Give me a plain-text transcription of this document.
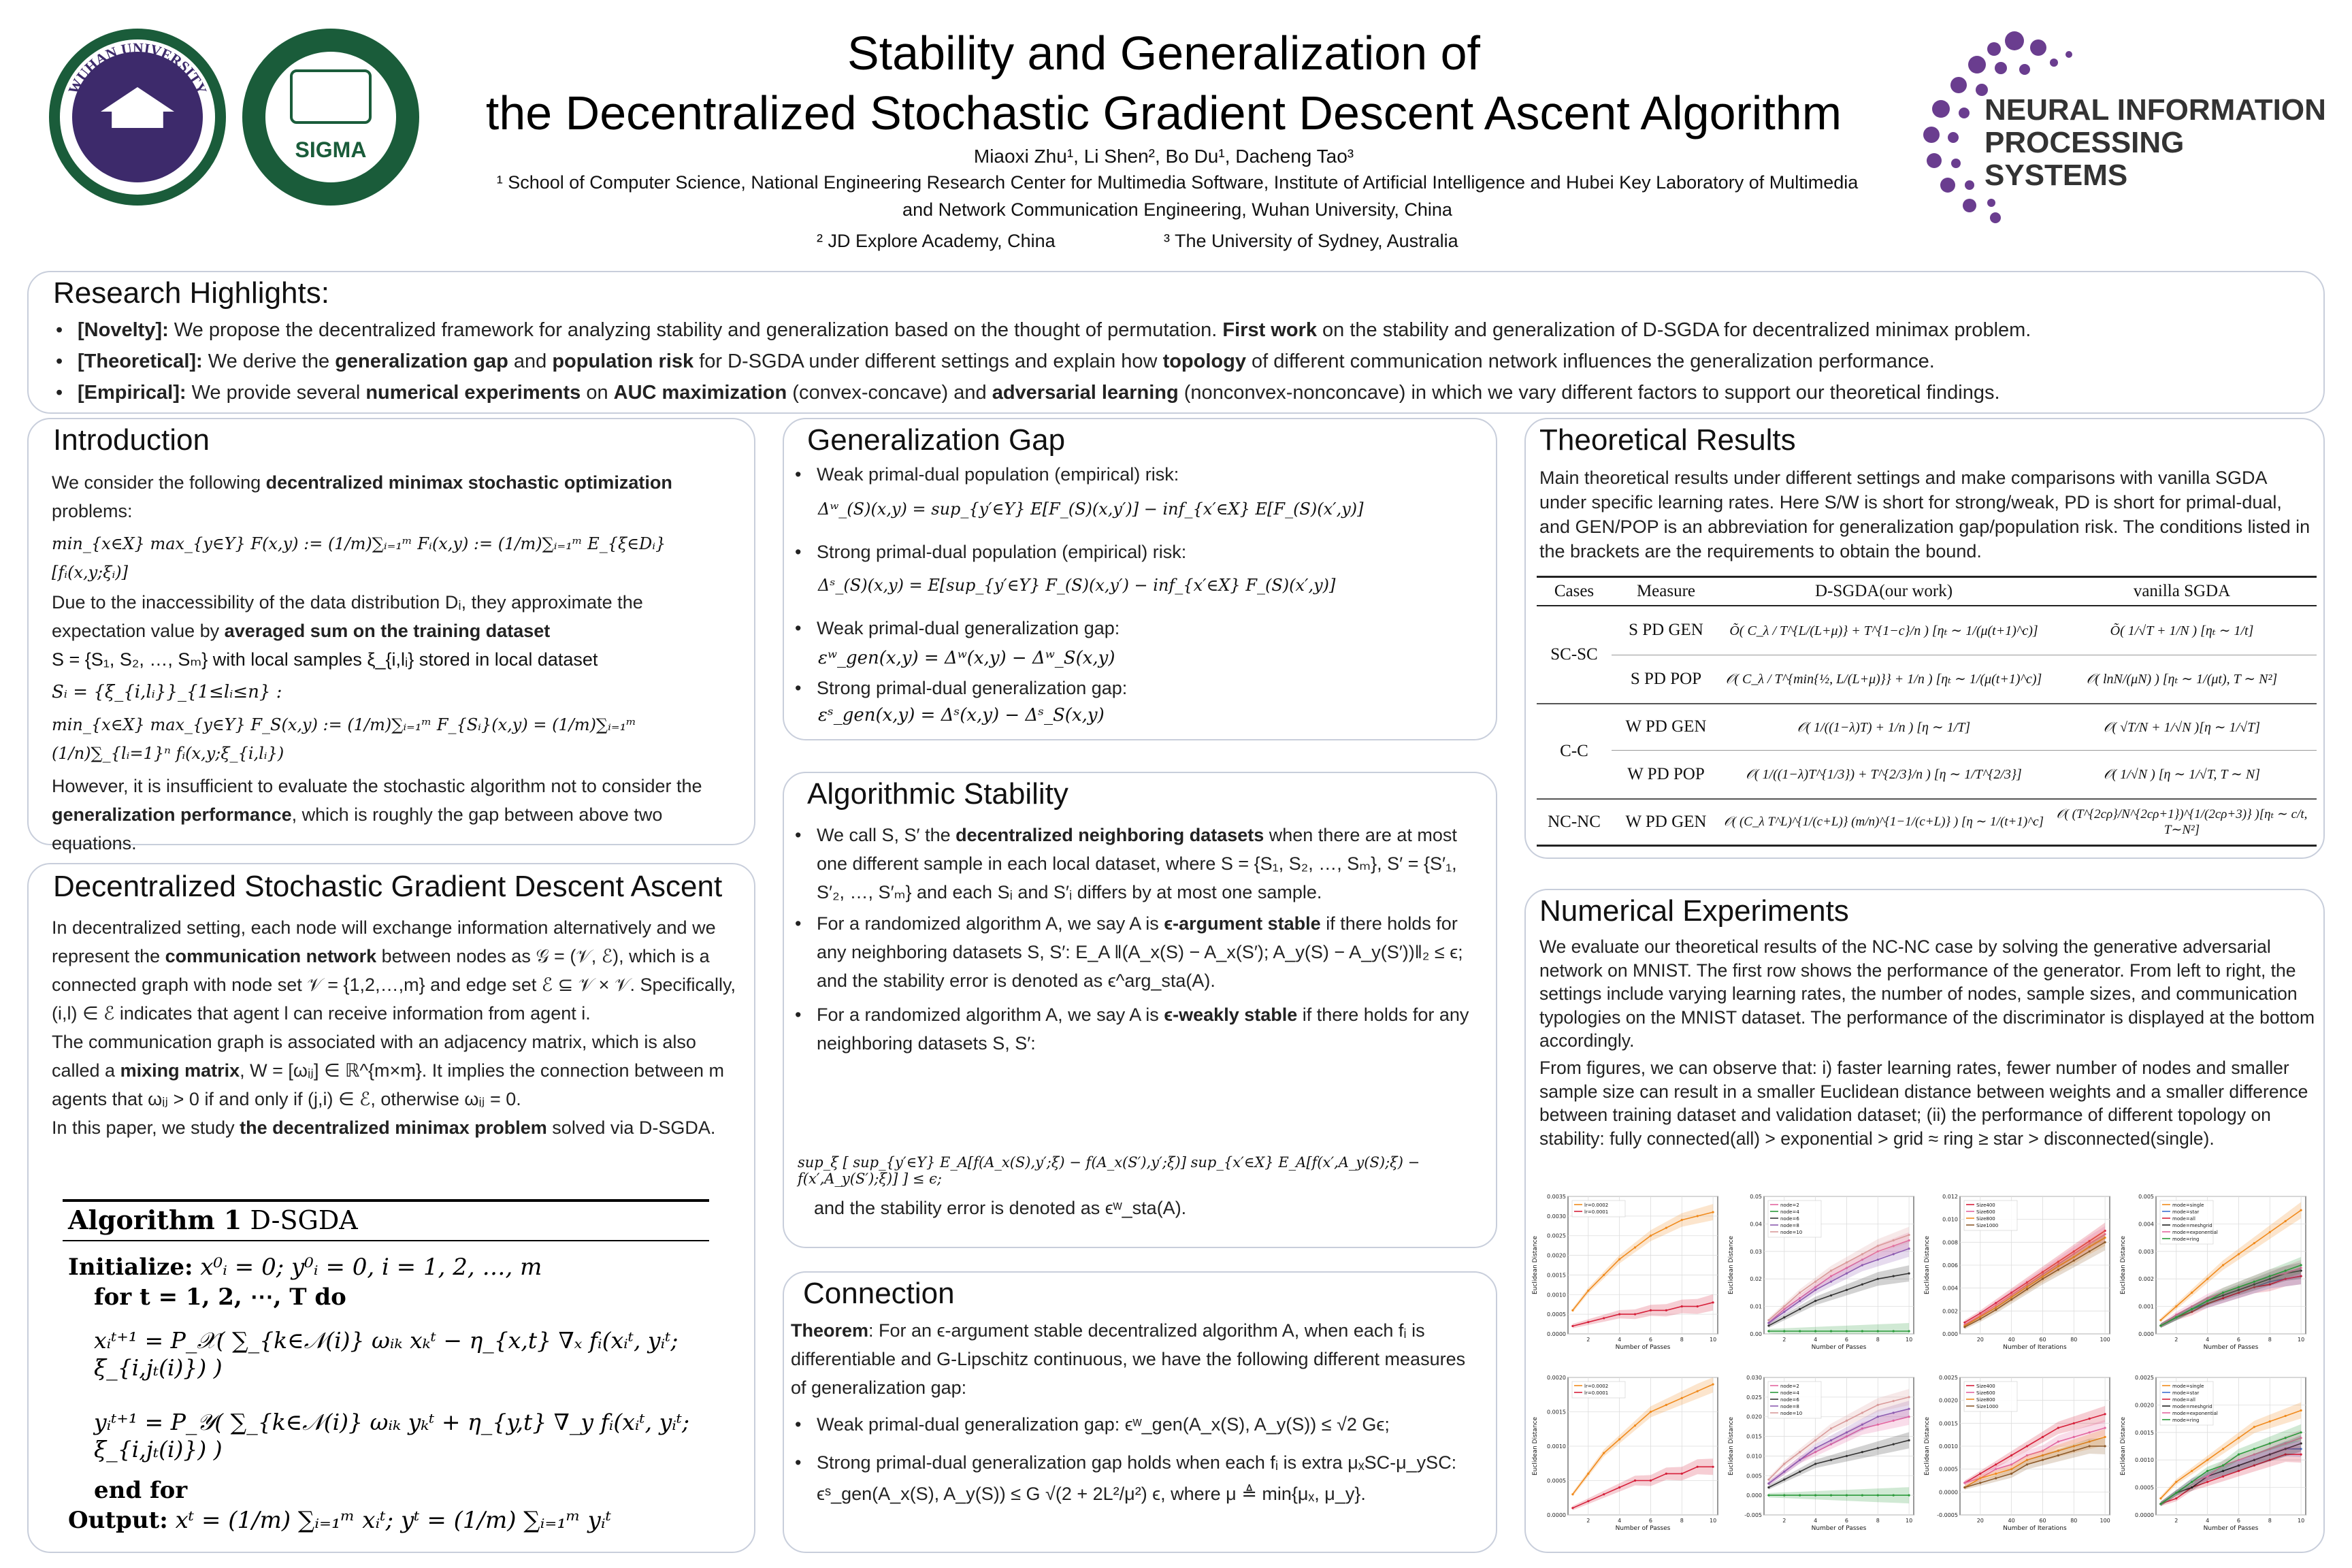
WUHAN UNIVERSITY
SIGMA
Stability and Generalization of
the Decentralized Stochastic Gradient Descent Ascent Algorithm
Miaoxi Zhu¹, Li Shen², Bo Du¹, Dacheng Tao³
¹ School of Computer Science, National Engineering Research Center for Multimedia Software, Institute of Artificial Intelligence and Hubei Key Laboratory of Multimedia
and Network Communication Engineering, Wuhan University, China
² JD Explore Academy, China	³ The University of Sydney, Australia
NEURAL INFORMATION
PROCESSING SYSTEMS
Research Highlights:
• [Novelty]: We propose the decentralized framework for analyzing stability and generalization based on the thought of permutation. First work on the stability and generalization of D-SGDA for decentralized minimax problem.
• [Theoretical]: We derive the generalization gap and population risk for D-SGDA under different settings and explain how topology of different communication network influences the generalization performance.
• [Empirical]: We provide several numerical experiments on AUC maximization (convex-concave) and adversarial learning (nonconvex-nonconcave) in which we vary different factors to support our theoretical findings.
Introduction
We consider the following decentralized minimax stochastic optimization problems:
min_{x∈X} max_{y∈Y} F(x,y) := (1/m)∑ᵢ₌₁ᵐ Fᵢ(x,y) := (1/m)∑ᵢ₌₁ᵐ E_{ξ∈Dᵢ}[fᵢ(x,y;ξᵢ)]
Due to the inaccessibility of the data distribution Dᵢ, they approximate the expectation value by averaged sum on the training dataset
S = {S₁, S₂, …, Sₘ} with local samples ξ_{i,lᵢ} stored in local dataset
Sᵢ = {ξ_{i,lᵢ}}_{1≤lᵢ≤n} :
min_{x∈X} max_{y∈Y} F_S(x,y) := (1/m)∑ᵢ₌₁ᵐ F_{Sᵢ}(x,y) = (1/m)∑ᵢ₌₁ᵐ (1/n)∑_{lᵢ=1}ⁿ fᵢ(x,y;ξ_{i,lᵢ})
However, it is insufficient to evaluate the stochastic algorithm not to consider the generalization performance, which is roughly the gap between above two equations.
Decentralized Stochastic Gradient Descent Ascent
In decentralized setting, each node will exchange information alternatively and we represent the communication network between nodes as 𝒢 = (𝒱, ℰ), which is a connected graph with node set 𝒱 = {1,2,…,m} and edge set ℰ ⊆ 𝒱 × 𝒱. Specifically, (i,l) ∈ ℰ indicates that agent l can receive information from agent i.
The communication graph is associated with an adjacency matrix, which is also called a mixing matrix, W = [ωᵢⱼ] ∈ ℝ^{m×m}. It implies the connection between m agents that ωᵢⱼ > 0 if and only if (j,i) ∈ ℰ, otherwise ωᵢⱼ = 0.
In this paper, we study the decentralized minimax problem solved via D-SGDA.
Algorithm 1 D-SGDA
Initialize: x⁰ᵢ = 0; y⁰ᵢ = 0, i = 1, 2, …, m
for t = 1, 2, ⋯, T do
xᵢᵗ⁺¹ = P_𝒳( ∑_{k∈𝒩(i)} ωᵢₖ xₖᵗ − η_{x,t} ∇ₓ fᵢ(xᵢᵗ, yᵢᵗ; ξ_{i,jₜ(i)}) )
yᵢᵗ⁺¹ = P_𝒴( ∑_{k∈𝒩(i)} ωᵢₖ yₖᵗ + η_{y,t} ∇_y fᵢ(xᵢᵗ, yᵢᵗ; ξ_{i,jₜ(i)}) )
end for
Output: xᵗ = (1/m) ∑ᵢ₌₁ᵐ xᵢᵗ; yᵗ = (1/m) ∑ᵢ₌₁ᵐ yᵢᵗ
Generalization Gap
• Weak primal-dual population (empirical) risk:
Δʷ_(S)(x,y) = sup_{y′∈Y} E[F_(S)(x,y′)] − inf_{x′∈X} E[F_(S)(x′,y)]
• Strong primal-dual population (empirical) risk:
Δˢ_(S)(x,y) = E[sup_{y′∈Y} F_(S)(x,y′) − inf_{x′∈X} F_(S)(x′,y)]
• Weak primal-dual generalization gap:
εʷ_gen(x,y) = Δʷ(x,y) − Δʷ_S(x,y)
• Strong primal-dual generalization gap:
εˢ_gen(x,y) = Δˢ(x,y) − Δˢ_S(x,y)
Algorithmic Stability
• We call S, S′ the decentralized neighboring datasets when there are at most one different sample in each local dataset, where S = {S₁, S₂, …, Sₘ}, S′ = {S′₁, S′₂, …, S′ₘ} and each Sᵢ and S′ᵢ differs by at most one sample.
• For a randomized algorithm A, we say A is ϵ-argument stable if there holds for any neighboring datasets S, S′: E_A ‖(A_x(S) − A_x(S′); A_y(S) − A_y(S′))‖₂ ≤ ϵ; and the stability error is denoted as ϵ^arg_sta(A).
• For a randomized algorithm A, we say A is ϵ-weakly stable if there holds for any neighboring datasets S, S′:
sup_ξ [ sup_{y′∈Y} E_A[f(A_x(S),y′;ξ) − f(A_x(S′),y′;ξ)] sup_{x′∈X} E_A[f(x′,A_y(S);ξ) − f(x′,A_y(S′);ξ)] ] ≤ ϵ;
and the stability error is denoted as ϵʷ_sta(A).
Connection
Theorem: For an ϵ-argument stable decentralized algorithm A, when each fᵢ is differentiable and G-Lipschitz continuous, we have the following different measures of generalization gap:
• Weak primal-dual generalization gap: ϵʷ_gen(A_x(S), A_y(S)) ≤ √2 Gϵ;
• Strong primal-dual generalization gap holds when each fᵢ is extra μₓSC-μ_ySC: ϵˢ_gen(A_x(S), A_y(S)) ≤ G √(2 + 2L²/μ²) ϵ, where μ ≜ min{μₓ, μ_y}.
Theoretical Results
Main theoretical results under different settings and make comparisons with vanilla SGDA under specific learning rates. Here S/W is short for strong/weak, PD is short for primal-dual, and GEN/POP is an abbreviation for generalization gap/population risk. The conditions listed in the brackets are the requirements to obtain the bound.
Cases	Measure	D-SGDA(our work)	vanilla SGDA
SC-SC	S PD GEN	Õ( C_λ / T^{L/(L+μ)} + T^{1−c}/n ) [ηₜ ∼ 1/(μ(t+1)^c)]	Õ( 1/√T + 1/N ) [ηₜ ∼ 1/t]
	S PD POP	𝒪( C_λ / T^{min{½, L/(L+μ)}} + 1/n ) [ηₜ ∼ 1/(μ(t+1)^c)]	𝒪( lnN/(μN) ) [ηₜ ∼ 1/(μt), T ∼ N²]
C-C	W PD GEN	𝒪( 1/((1−λ)T) + 1/n ) [η ∼ 1/T]	𝒪( √T/N + 1/√N )[η ∼ 1/√T]
	W PD POP	𝒪( 1/((1−λ)T^{1/3}) + T^{2/3}/n ) [η ∼ 1/T^{2/3}]	𝒪( 1/√N ) [η ∼ 1/√T, T ∼ N]
NC-NC	W PD GEN	𝒪( (C_λ T^L)^{1/(c+L)} (m/n)^{1−1/(c+L)} ) [η ∼ 1/(t+1)^c]	𝒪( (T^{2cρ}/N^{2cρ+1})^{1/(2cρ+3)} )[ηₜ ∼ c/t, T∼N²]
Numerical Experiments
We evaluate our theoretical results of the NC-NC case by solving the generative adversarial network on MNIST. The first row shows the performance of the generator. From left to right, the settings include varying learning rates, the number of nodes, sample sizes, and communication typologies on the MNIST dataset. The performance of the discriminator is displayed at the bottom accordingly.
From figures, we can observe that: i) faster learning rates, fewer number of nodes and smaller sample size can result in a smaller Euclidean distance between weights and a smaller difference between training dataset and validation dataset; (ii) the performance of different topology on stability: fully connected(all) > exponential > grid ≈ ring ≥ star > disconnected(single).
0.0000
0.0005
0.0010
0.0015
0.0020
0.0025
0.0030
0.0035
2	4	6	8	10
Number of Passes
Euclidean Distance
lr=0.0002
lr=0.0001
0.00
0.01
0.02
0.03
0.04
0.05
2	4	6	8	10
Number of Passes
Euclidean Distance
node=2
node=4
node=6
node=8
node=10
0.000
0.002
0.004
0.006
0.008
0.010
0.012
20	40	60	80	100
Number of Iterations
Euclidean Distance
Size400
Size600
Size800
Size1000
0.000
0.001
0.002
0.003
0.004
0.005
2	4	6	8	10
Number of Passes
Euclidean Distance
mode=single
mode=star
mode=all
mode=meshgrid
mode=exponential
mode=ring
0.0000
0.0005
0.0010
0.0015
0.0020
2	4	6	8	10
Number of Passes
Euclidean Distance
lr=0.0002
lr=0.0001
-0.005
0.000
0.005
0.010
0.015
0.020
0.025
0.030
2	4	6	8	10
Number of Passes
Euclidean Distance
node=2
node=4
node=6
node=8
node=10
-0.0005
0.0000
0.0005
0.0010
0.0015
0.0020
0.0025
20	40	60	80	100
Number of Iterations
Euclidean Distance
Size400
Size600
Size800
Size1000
0.0000
0.0005
0.0010
0.0015
0.0020
0.0025
2	4	6	8	10
Number of Passes
Euclidean Distance
mode=single
mode=star
mode=all
mode=meshgrid
mode=exponential
mode=ring
